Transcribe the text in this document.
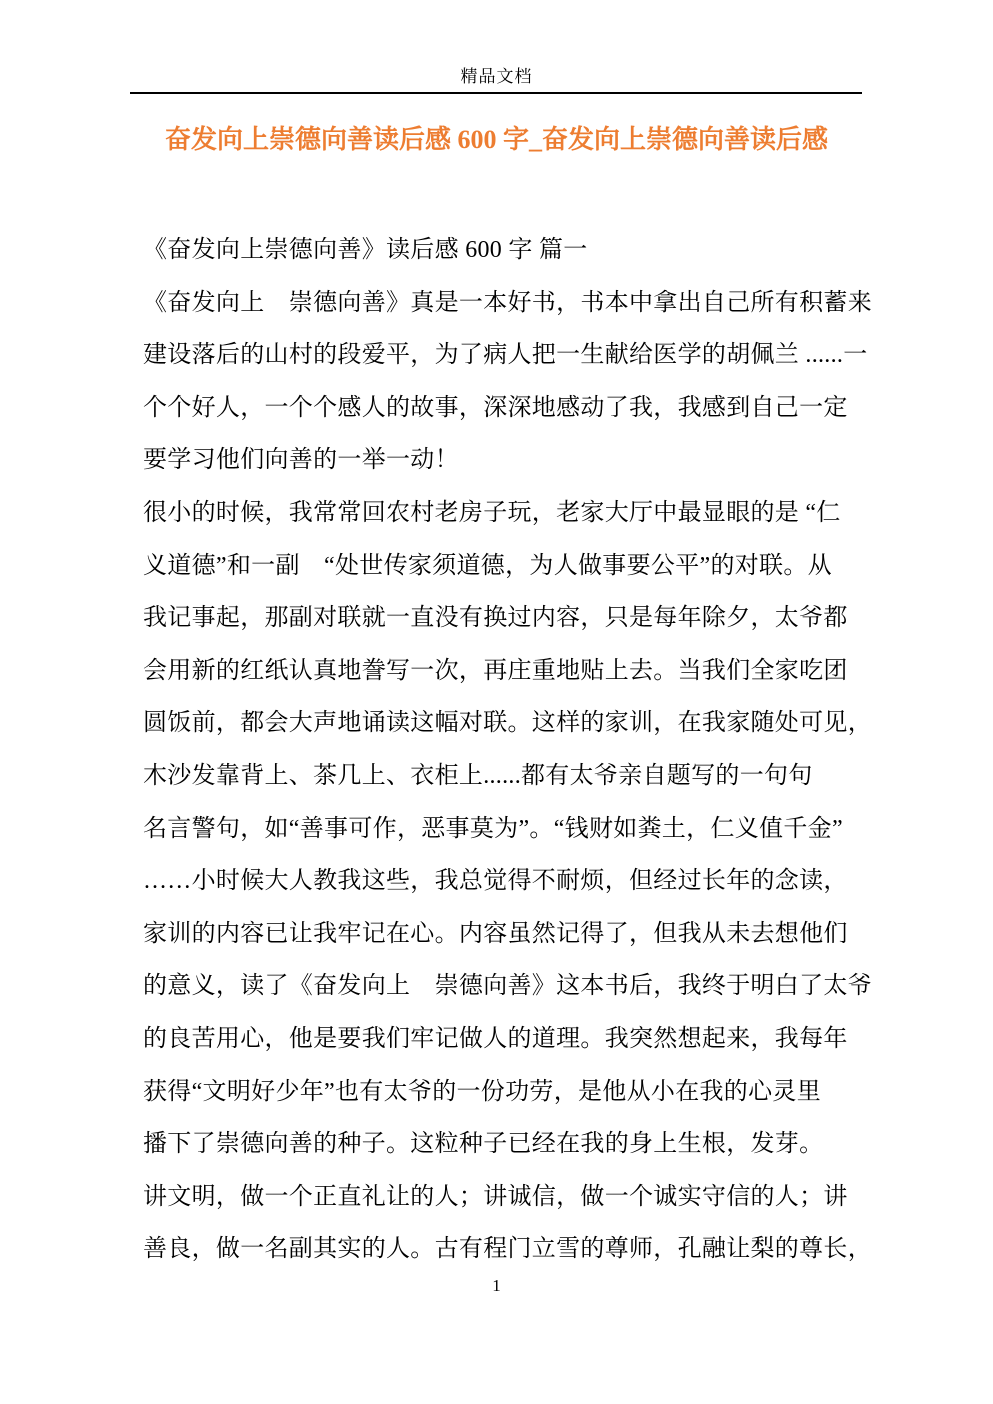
精品文档
奋发向上崇德向善读后感 600 字_奋发向上崇德向善读后感
《奋发向上崇德向善》读后感 600 字 篇一
《奋发向上　崇德向善》真是一本好书，书本中拿出自己所有积蓄来
建设落后的山村的段爱平，为了病人把一生献给医学的胡佩兰 ......一
个个好人，一个个感人的故事，深深地感动了我，我感到自己一定
要学习他们向善的一举一动！
很小的时候，我常常回农村老房子玩，老家大厅中最显眼的是 “仁
义道德”和一副　“处世传家须道德，为人做事要公平”的对联。从
我记事起，那副对联就一直没有换过内容，只是每年除夕，太爷都
会用新的红纸认真地誊写一次，再庄重地贴上去。当我们全家吃团
圆饭前，都会大声地诵读这幅对联。这样的家训，在我家随处可见，
木沙发靠背上、茶几上、衣柜上......都有太爷亲自题写的一句句
名言警句，如“善事可作，恶事莫为”。“钱财如粪土，仁义值千金”
……小时候大人教我这些，我总觉得不耐烦，但经过长年的念读，
家训的内容已让我牢记在心。内容虽然记得了，但我从未去想他们
的意义，读了《奋发向上　崇德向善》这本书后，我终于明白了太爷
的良苦用心，他是要我们牢记做人的道理。我突然想起来，我每年
获得“文明好少年”也有太爷的一份功劳，是他从小在我的心灵里
播下了崇德向善的种子。这粒种子已经在我的身上生根，发芽。
讲文明，做一个正直礼让的人；讲诚信，做一个诚实守信的人；讲
善良，做一名副其实的人。古有程门立雪的尊师，孔融让梨的尊长，
1
